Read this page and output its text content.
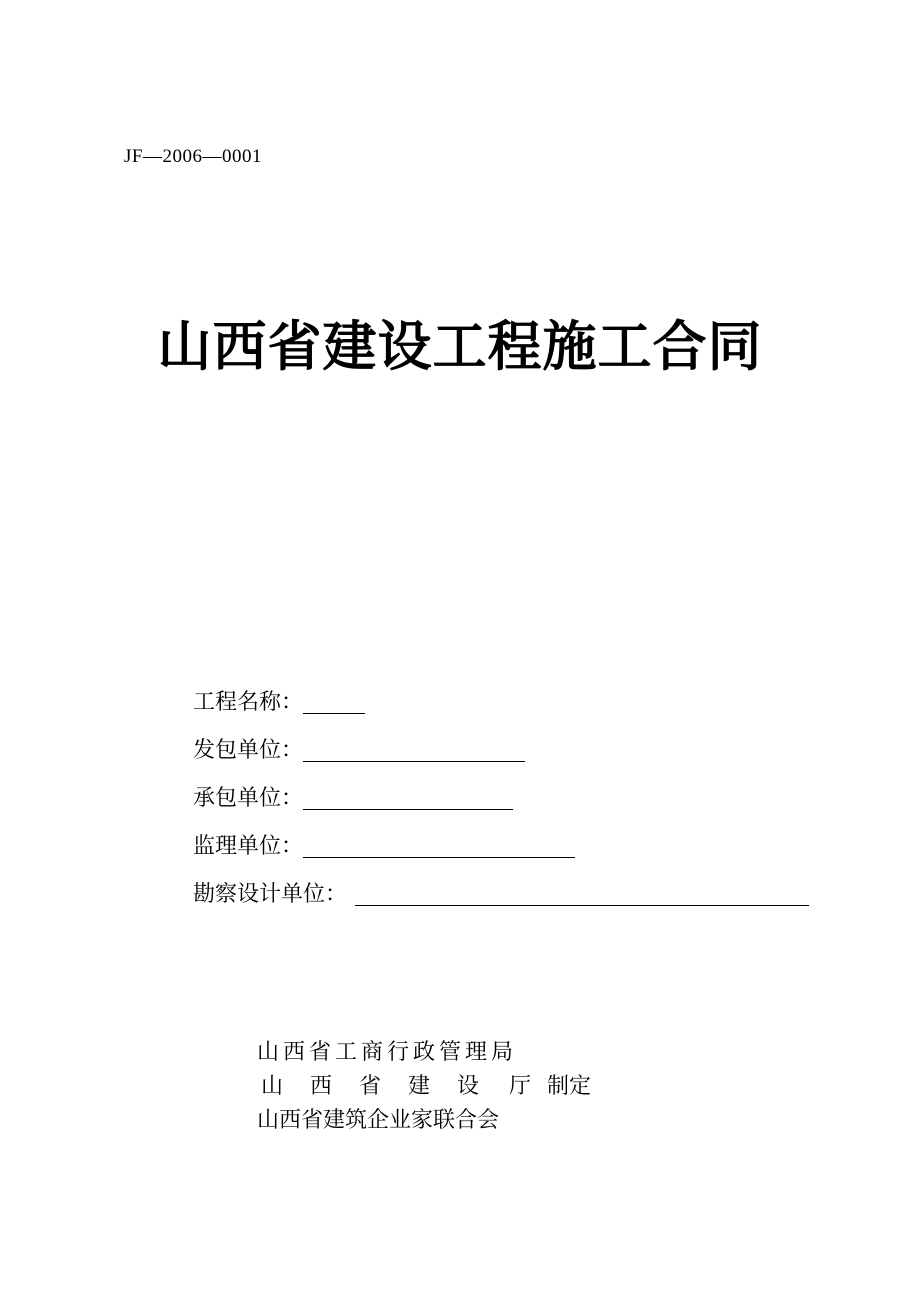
JF—2006—0001
山西省建设工程施工合同
工程名称：
发包单位：
承包单位：
监理单位：
勘察设计单位：
山西省工商行政管理局
山 西 省 建 设 厅 制定
山西省建筑企业家联合会
